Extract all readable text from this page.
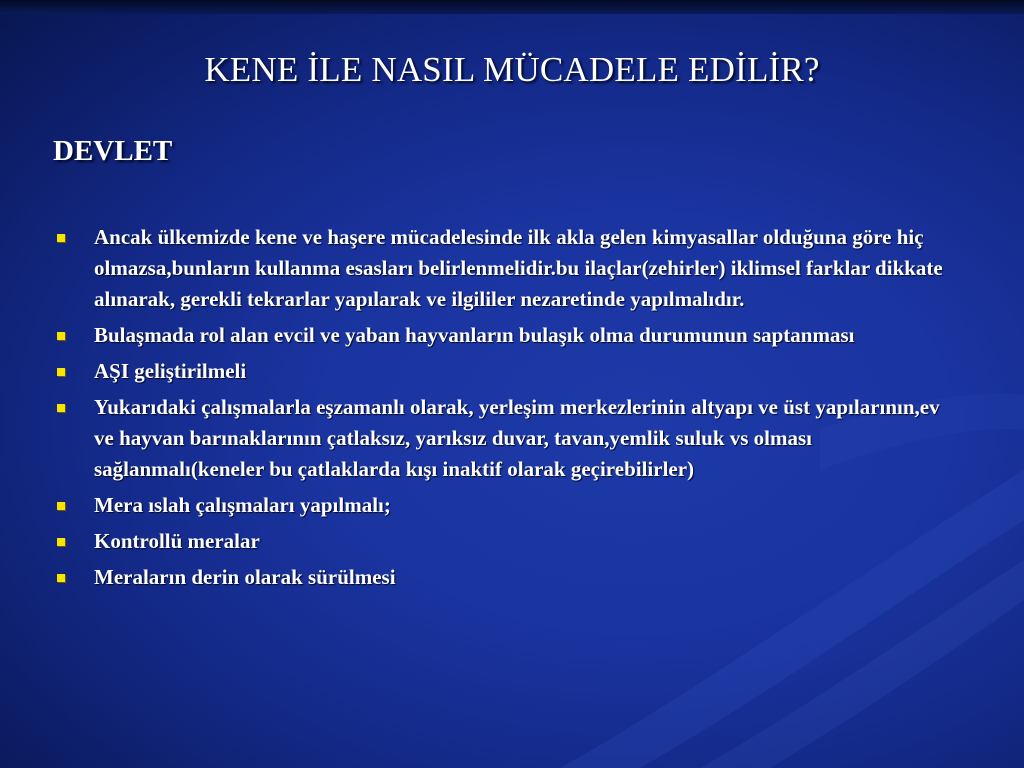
KENE İLE NASIL MÜCADELE EDİLİR?
DEVLET
Ancak ülkemizde kene ve haşere mücadelesinde ilk akla gelen kimyasallar olduğuna göre hiç olmazsa,bunların kullanma esasları belirlenmelidir.bu ilaçlar(zehirler) iklimsel farklar dikkate alınarak, gerekli tekrarlar yapılarak ve ilgililer nezaretinde yapılmalıdır.
Bulaşmada rol alan evcil ve yaban hayvanların bulaşık olma durumunun saptanması
AŞI geliştirilmeli
Yukarıdaki çalışmalarla eşzamanlı olarak, yerleşim merkezlerinin altyapı ve üst yapılarının,ev ve hayvan barınaklarının çatlaksız, yarıksız duvar, tavan,yemlik suluk vs olması sağlanmalı(keneler bu çatlaklarda kışı inaktif olarak geçirebilirler)
Mera ıslah çalışmaları yapılmalı;
Kontrollü meralar
Meraların derin olarak sürülmesi
